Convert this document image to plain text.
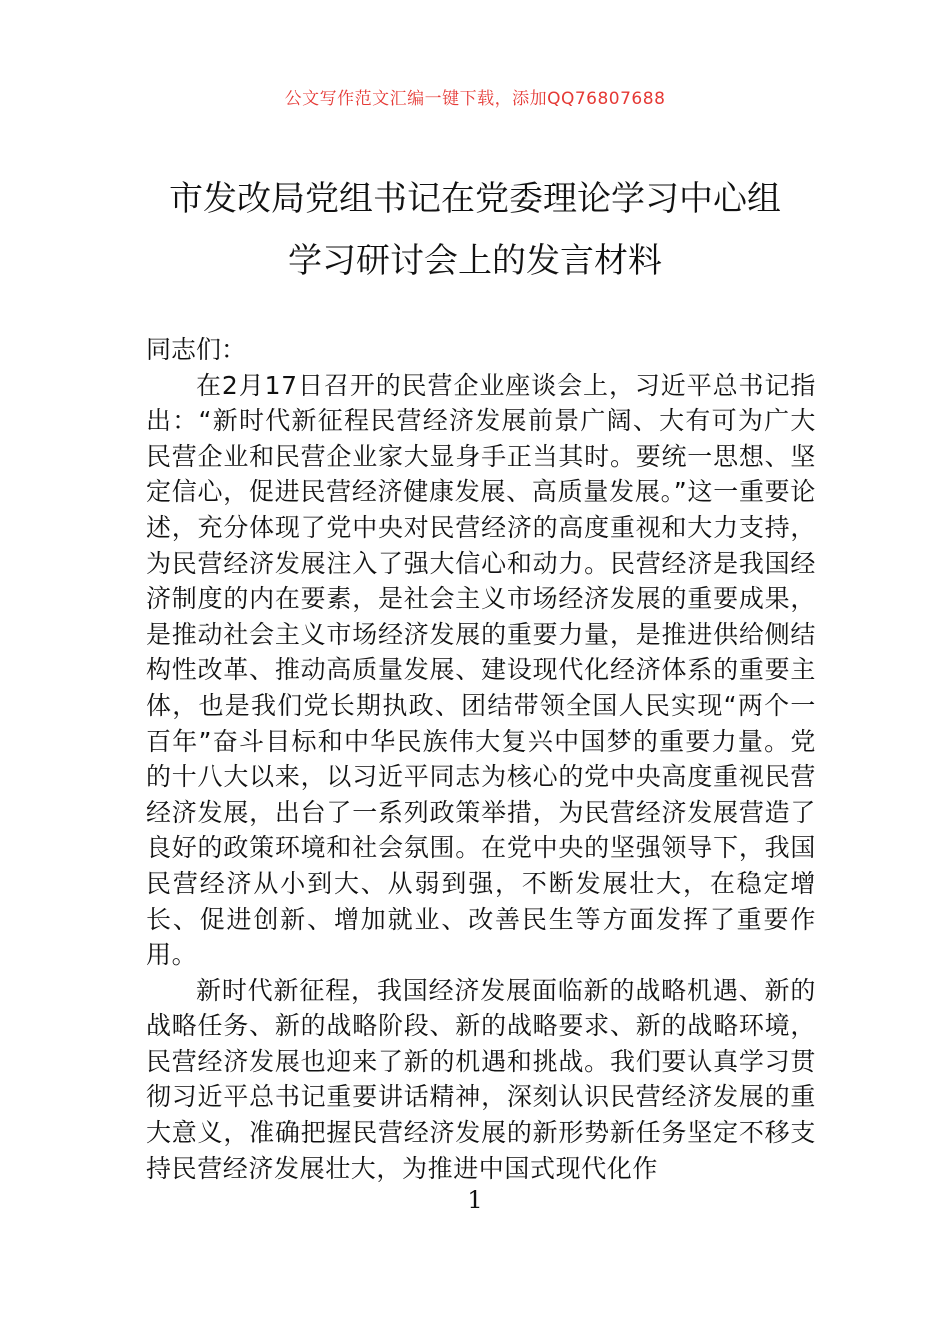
公文写作范文汇编一键下载，添加QQ76807688
市发改局党组书记在党委理论学习中心组
学习研讨会上的发言材料

同志们：

在2月17日召开的民营企业座谈会上，习近平总书记指出：“新时代新征程民营经济发展前景广阔、大有可为广大民营企业和民营企业家大显身手正当其时。要统一思想、坚定信心，促进民营经济健康发展、高质量发展。”这一重要论述，充分体现了党中央对民营经济的高度重视和大力支持，为民营经济发展注入了强大信心和动力。民营经济是我国经济制度的内在要素，是社会主义市场经济发展的重要成果，是推动社会主义市场经济发展的重要力量，是推进供给侧结构性改革、推动高质量发展、建设现代化经济体系的重要主体，也是我们党长期执政、团结带领全国人民实现“两个一百年”奋斗目标和中华民族伟大复兴中国梦的重要力量。党的十八大以来，以习近平同志为核心的党中央高度重视民营经济发展，出台了一系列政策举措，为民营经济发展营造了良好的政策环境和社会氛围。在党中央的坚强领导下，我国民营经济从小到大、从弱到强，不断发展壮大，在稳定增长、促进创新、增加就业、改善民生等方面发挥了重要作用。

新时代新征程，我国经济发展面临新的战略机遇、新的战略任务、新的战略阶段、新的战略要求、新的战略环境，民营经济发展也迎来了新的机遇和挑战。我们要认真学习贯彻习近平总书记重要讲话精神，深刻认识民营经济发展的重大意义，准确把握民营经济发展的新形势新任务坚定不移支持民营经济发展壮大，为推进中国式现代化作

1
